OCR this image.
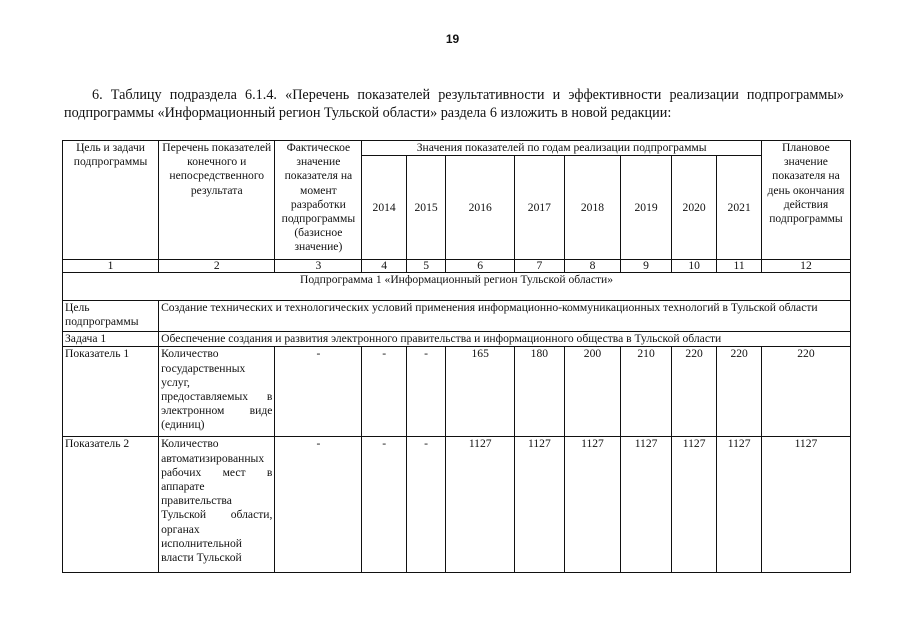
19
6. Таблицу подраздела 6.1.4. «Перечень показателей результативности и эффективности реализации подпрограммы» подпрограммы «Информационный регион Тульской области» раздела 6 изложить в новой редакции:
Цель и задачи подпрограммы	Перечень показателей конечного и непосредственного результата	Фактическое значение показателя на момент разработки подпрограммы (базисное значение)	Значения показателей по годам реализации подпрограммы								Плановое значение показателя на день окончания действия подпрограммы
			2014	2015	2016	2017	2018	2019	2020	2021	
1	2	3	4	5	6	7	8	9	10	11	12
Подпрограмма 1 «Информационный регион Тульской области»											
Цель подпрограммы	Создание технических и технологических условий применения информационно-коммуникационных технологий в Тульской области										
Задача 1	Обеспечение создания и развития электронного правительства и информационного общества в Тульской области										
Показатель 1	Количество государственных услуг, предоставляемых в электронном виде (единиц)	-	-	-	165	180	200	210	220	220	220
Показатель 2	Количество автоматизированных рабочих мест в аппарате правительства Тульской области, органах исполнительной власти Тульской	-	-	-	1127	1127	1127	1127	1127	1127	1127
